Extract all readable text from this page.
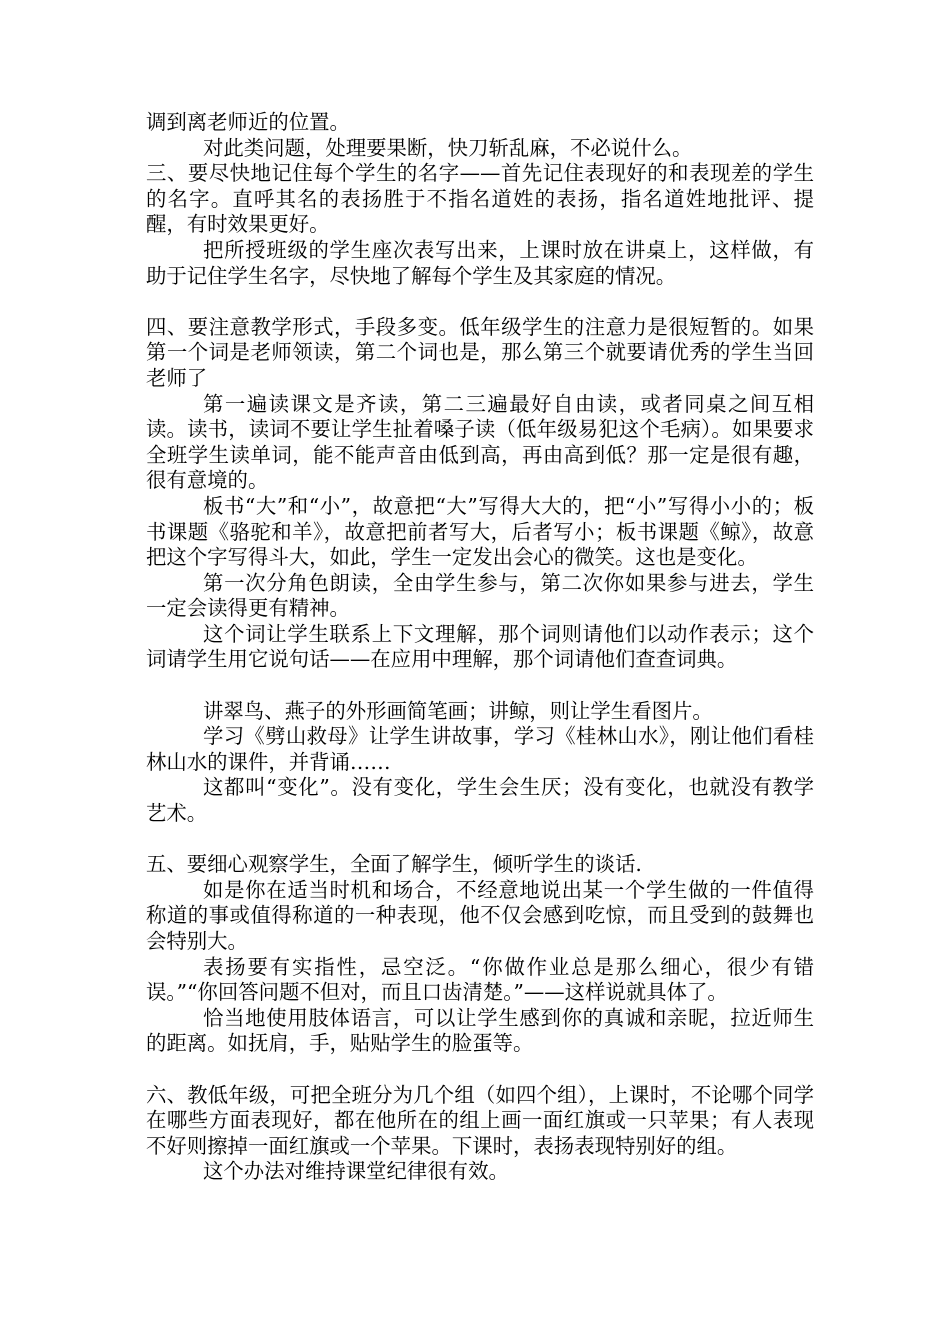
调到离老师近的位置。

对此类问题，处理要果断，快刀斩乱麻，不必说什么。

三、要尽快地记住每个学生的名字——首先记住表现好的和表现差的学生的名字。直呼其名的表扬胜于不指名道姓的表扬，指名道姓地批评、提醒，有时效果更好。

把所授班级的学生座次表写出来，上课时放在讲桌上，这样做，有助于记住学生名字，尽快地了解每个学生及其家庭的情况。

四、要注意教学形式，手段多变。低年级学生的注意力是很短暂的。如果第一个词是老师领读，第二个词也是，那么第三个就要请优秀的学生当回老师了

第一遍读课文是齐读，第二三遍最好自由读，或者同桌之间互相读。读书，读词不要让学生扯着嗓子读（低年级易犯这个毛病）。如果要求全班学生读单词，能不能声音由低到高，再由高到低？那一定是很有趣，很有意境的。

板书“大”和“小”，故意把“大”写得大大的，把“小”写得小小的；板书课题《骆驼和羊》，故意把前者写大，后者写小；板书课题《鲸》，故意把这个字写得斗大，如此，学生一定发出会心的微笑。这也是变化。

第一次分角色朗读，全由学生参与，第二次你如果参与进去，学生一定会读得更有精神。

这个词让学生联系上下文理解，那个词则请他们以动作表示；这个词请学生用它说句话——在应用中理解，那个词请他们查查词典。

讲翠鸟、燕子的外形画简笔画；讲鲸，则让学生看图片。

学习《劈山救母》让学生讲故事，学习《桂林山水》，刚让他们看桂林山水的课件，并背诵……

这都叫“变化”。没有变化，学生会生厌；没有变化，也就没有教学艺术。

五、要细心观察学生，全面了解学生，倾听学生的谈话.

如是你在适当时机和场合，不经意地说出某一个学生做的一件值得称道的事或值得称道的一种表现，他不仅会感到吃惊，而且受到的鼓舞也会特别大。

表扬要有实指性，忌空泛。“你做作业总是那么细心，很少有错误。”“你回答问题不但对，而且口齿清楚。”——这样说就具体了。

恰当地使用肢体语言，可以让学生感到你的真诚和亲昵，拉近师生的距离。如抚肩，手，贴贴学生的脸蛋等。

六、教低年级，可把全班分为几个组（如四个组），上课时，不论哪个同学在哪些方面表现好，都在他所在的组上画一面红旗或一只苹果；有人表现不好则擦掉一面红旗或一个苹果。下课时，表扬表现特别好的组。

这个办法对维持课堂纪律很有效。
